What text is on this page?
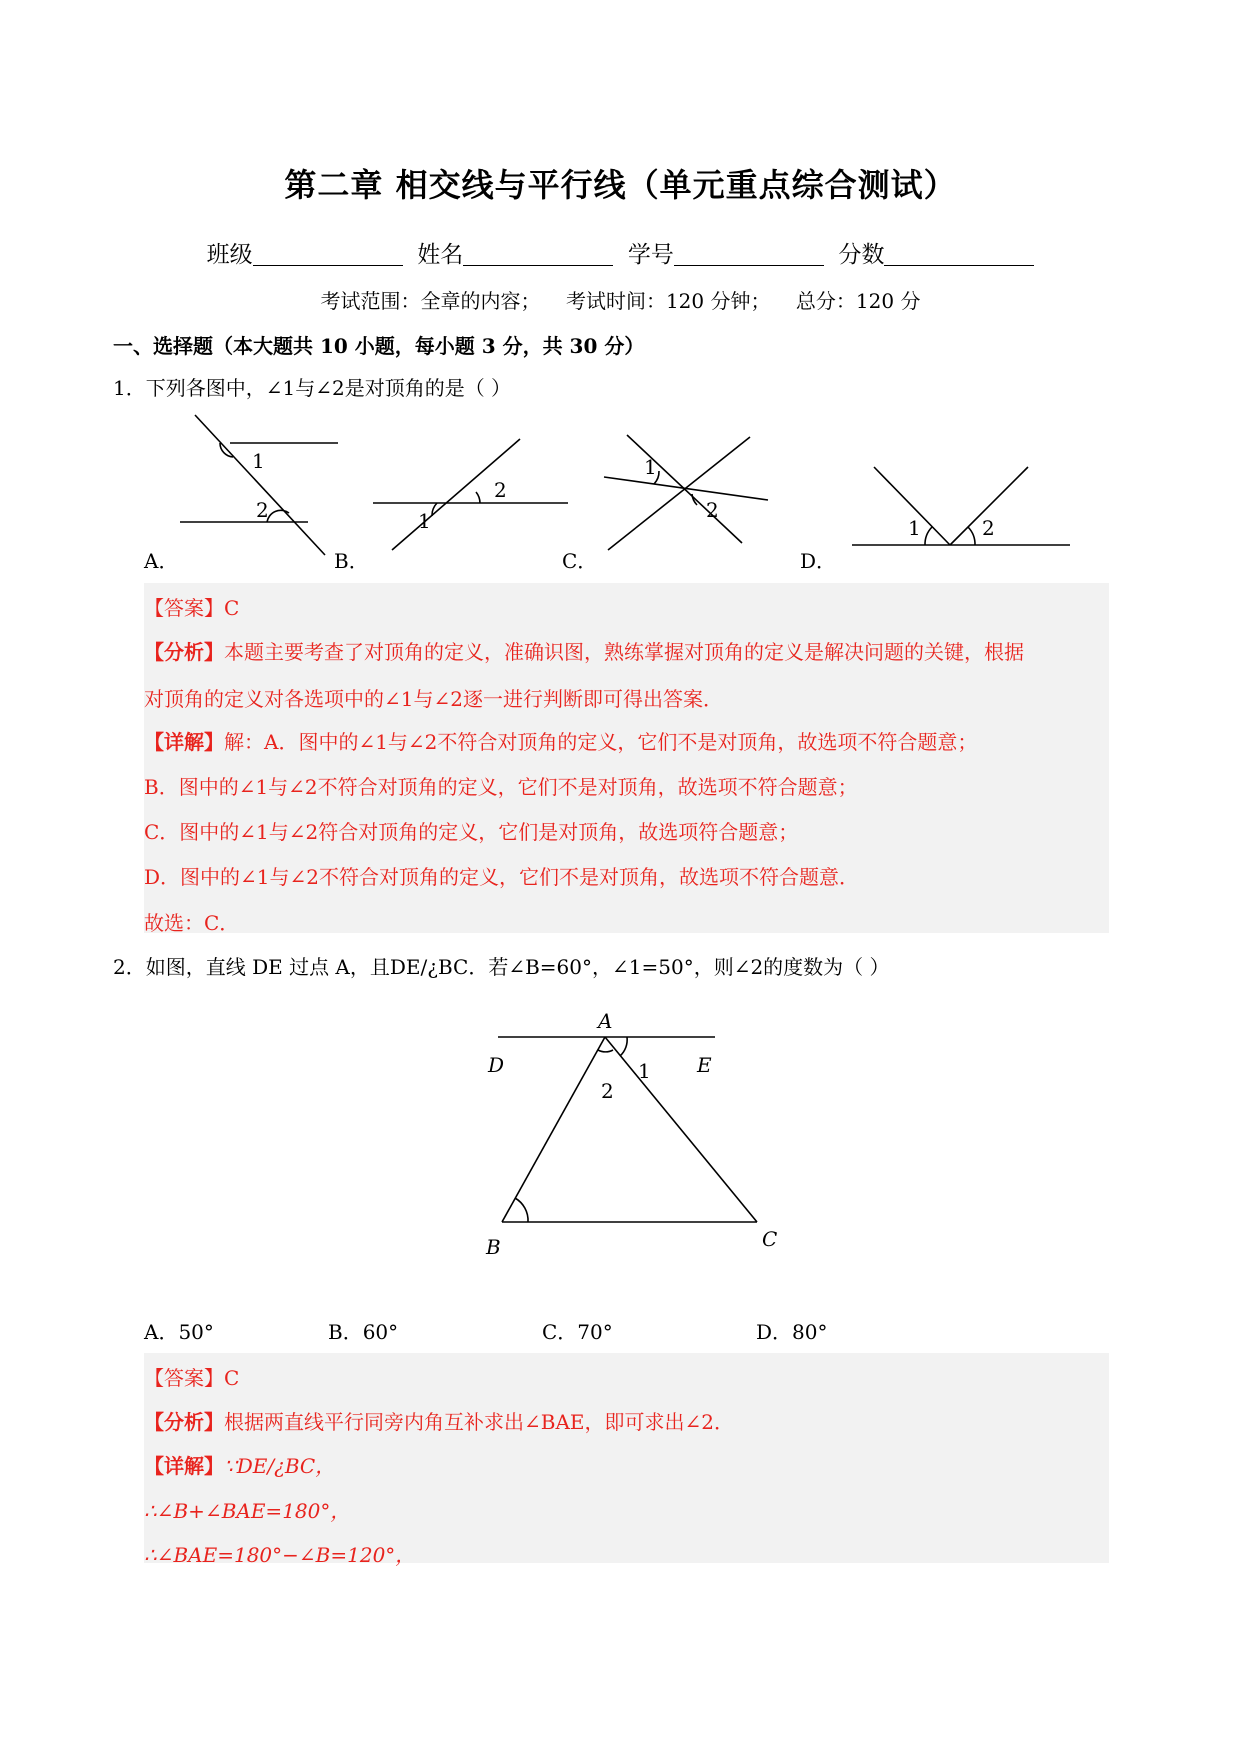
第二章 相交线与平行线（单元重点综合测试）
班级	姓名	学号	分数
考试范围：全章的内容；    考试时间：120 分钟；    总分：120 分
一、选择题（本大题共 10 小题，每小题 3 分，共 30 分）
1．下列各图中，∠1与∠2是对顶角的是（ ）
1
2	1
2
1
2
1	2
A．	B．	C．	D．
【答案】C
【分析】本题主要考查了对顶角的定义，准确识图，熟练掌握对顶角的定义是解决问题的关键，根据
对顶角的定义对各选项中的∠1与∠2逐一进行判断即可得出答案．
【详解】解：A．图中的∠1与∠2不符合对顶角的定义，它们不是对顶角，故选项不符合题意；
B．图中的∠1与∠2不符合对顶角的定义，它们不是对顶角，故选项不符合题意；
C．图中的∠1与∠2符合对顶角的定义，它们是对顶角，故选项符合题意；
D．图中的∠1与∠2不符合对顶角的定义，它们不是对顶角，故选项不符合题意．
故选：C．
2．如图，直线 DE 过点 A，且DE/¿BC．若∠B=60°，∠1=50°，则∠2的度数为（ ）
A
D	E
B	C
1
2
A．50°	B．60°	C．70°	D．80°
【答案】C
【分析】根据两直线平行同旁内角互补求出∠BAE，即可求出∠2．
【详解】∵DE/¿BC，
∴∠B+∠BAE=180°，
∴∠BAE=180°−∠B=120°，
